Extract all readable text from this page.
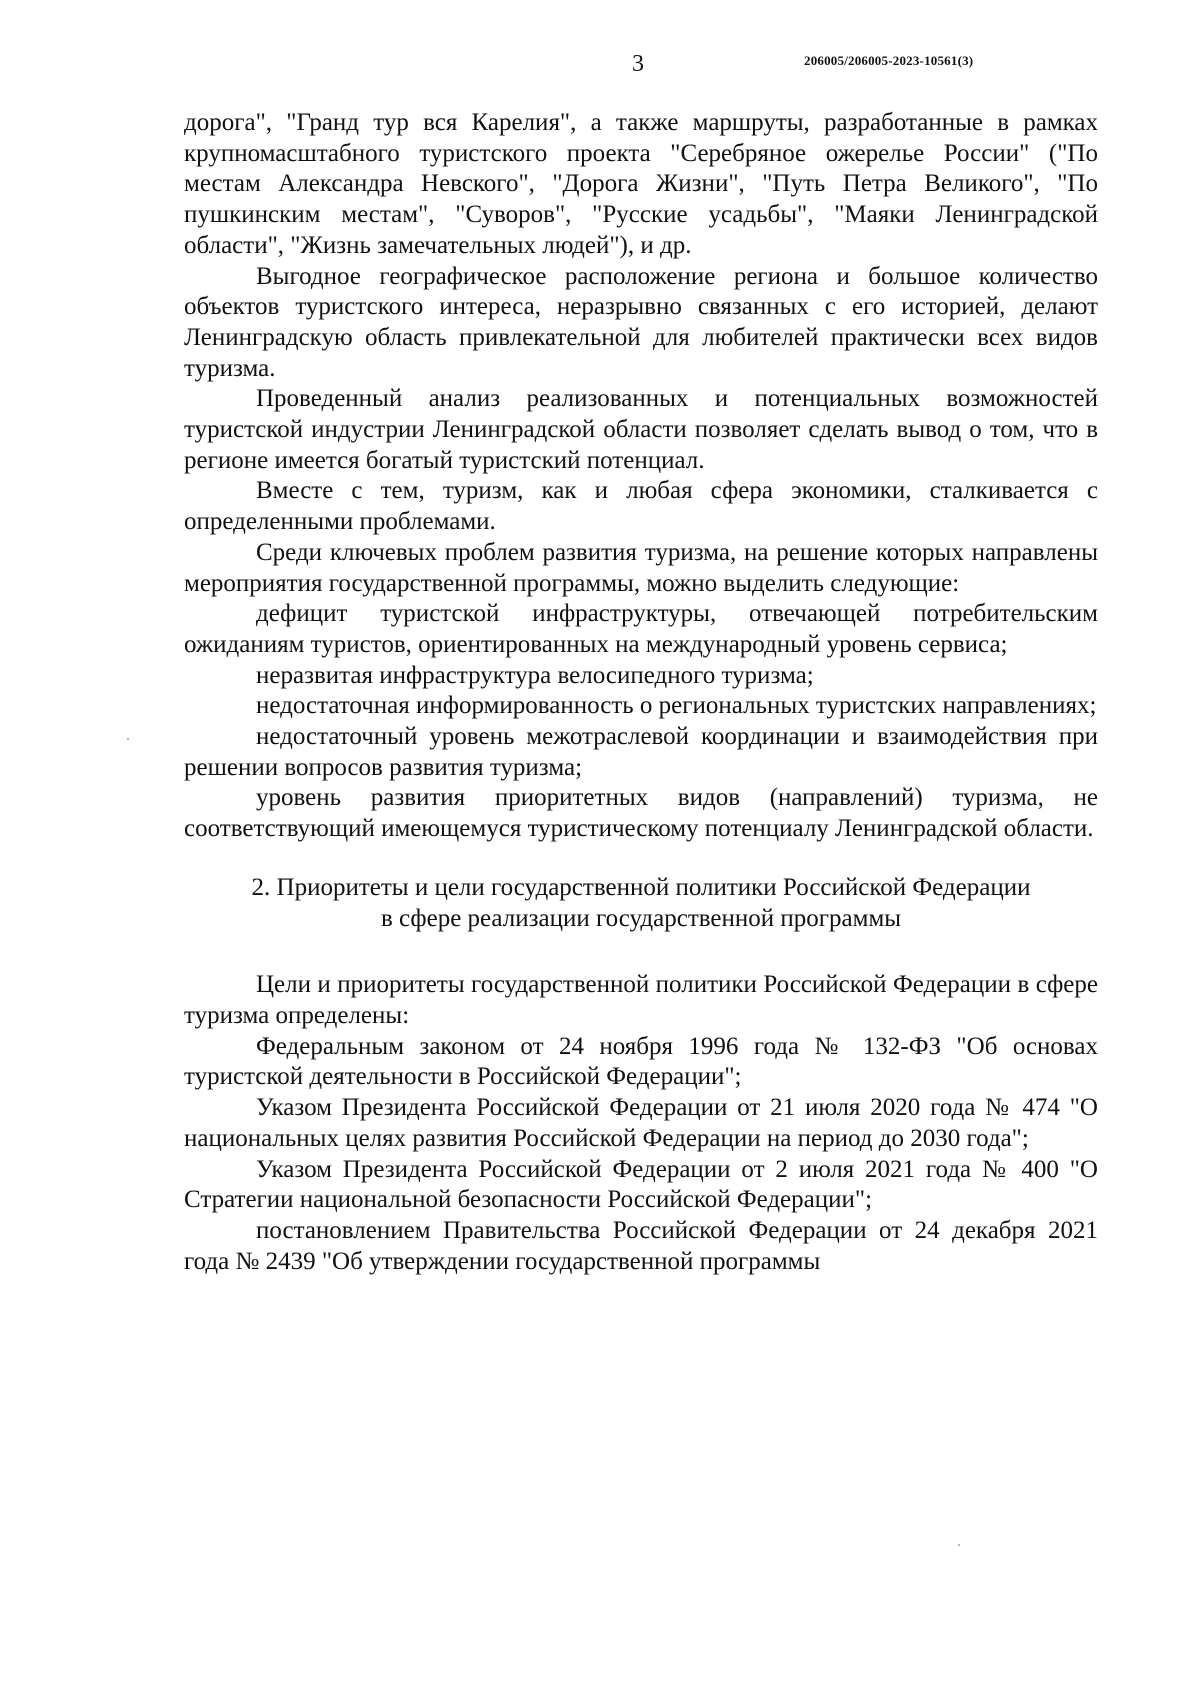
3	206005/206005-2023-10561(3)

дорога", "Гранд тур вся Карелия", а также маршруты, разработанные в рамках крупномасштабного туристского проекта "Серебряное ожерелье России" ("По местам Александра Невского", "Дорога Жизни", "Путь Петра Великого", "По пушкинским местам", "Суворов", "Русские усадьбы", "Маяки Ленинградской области", "Жизнь замечательных людей"), и др.

Выгодное географическое расположение региона и большое количество объектов туристского интереса, неразрывно связанных с его историей, делают Ленинградскую область привлекательной для любителей практически всех видов туризма.

Проведенный анализ реализованных и потенциальных возможностей туристской индустрии Ленинградской области позволяет сделать вывод о том, что в регионе имеется богатый туристский потенциал.

Вместе с тем, туризм, как и любая сфера экономики, сталкивается с определенными проблемами.

Среди ключевых проблем развития туризма, на решение которых направлены мероприятия государственной программы, можно выделить следующие:

дефицит туристской инфраструктуры, отвечающей потребительским ожиданиям туристов, ориентированных на международный уровень сервиса;

неразвитая инфраструктура велосипедного туризма;

недостаточная информированность о региональных туристских направлениях;

недостаточный уровень межотраслевой координации и взаимодействия при решении вопросов развития туризма;

уровень развития приоритетных видов (направлений) туризма, не соответствующий имеющемуся туристическому потенциалу Ленинградской области.

2. Приоритеты и цели государственной политики Российской Федерации
в сфере реализации государственной программы

Цели и приоритеты государственной политики Российской Федерации в сфере туризма определены:

Федеральным законом от 24 ноября 1996 года № 132-ФЗ "Об основах туристской деятельности в Российской Федерации";

Указом Президента Российской Федерации от 21 июля 2020 года № 474 "О национальных целях развития Российской Федерации на период до 2030 года";

Указом Президента Российской Федерации от 2 июля 2021 года № 400 "О Стратегии национальной безопасности Российской Федерации";

постановлением Правительства Российской Федерации от 24 декабря 2021 года № 2439 "Об утверждении государственной программы
